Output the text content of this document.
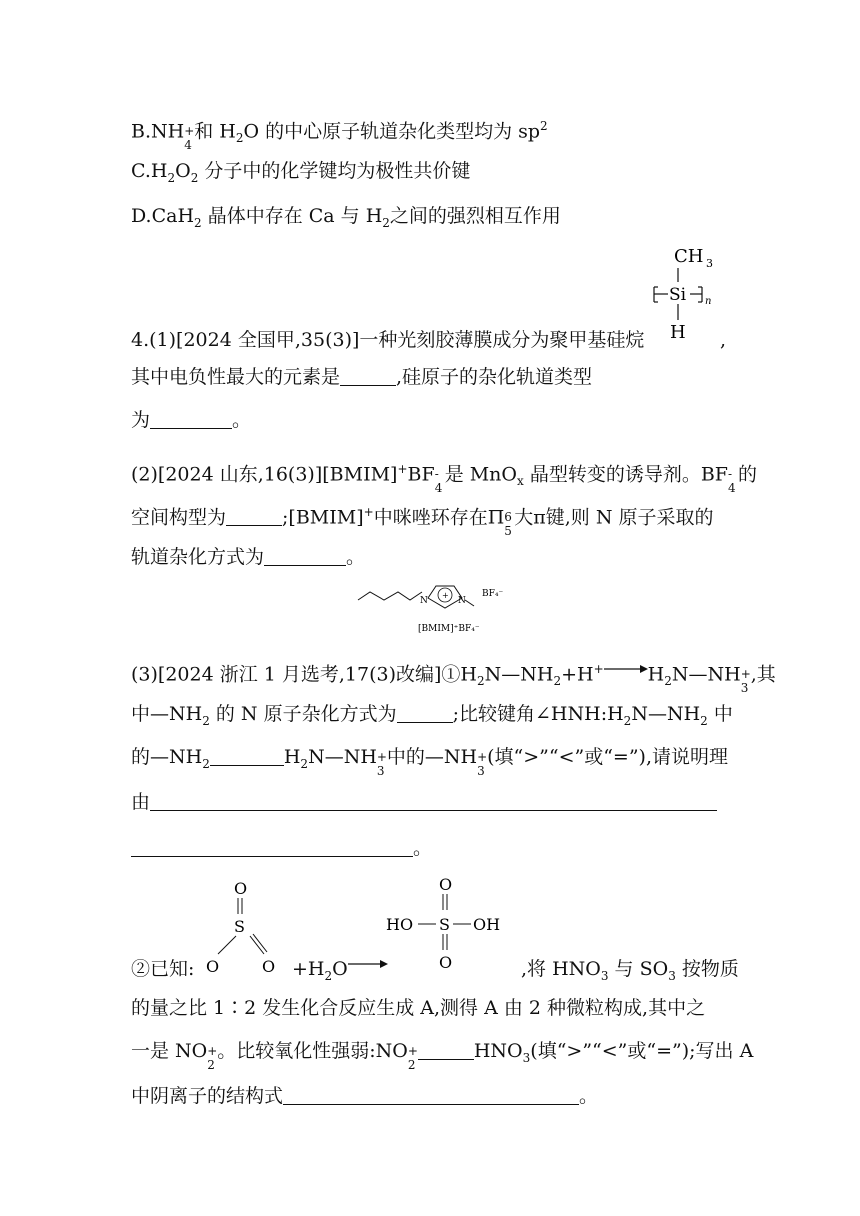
B.NH +
4
和 $H_2O$ 的中心原子轨道杂化类型均为 $sp^2$
$C.H_2O_2$ 分子中的化学键均为极性共价键
D.CaH$_2$ 晶体中存在 Ca 与 $H_2$之间的强烈相互作用
CH 3
Si n
H
4.(1)[2024 全国甲,35(3)]一种光刻胶薄膜成分为聚甲基硅烷	,
其中电负性最大的元素是	,硅原子的杂化轨道类型
为	。
(2)[2024 山东,16(3)][BMIM]+BF -
4
是 MnO$_x$ 晶型转变的诱导剂。BF -
4
的
空间构型为	;[BMIM]+中咪唑环存在Π 6
5
大π键,则 N 原子采取的
轨道杂化方式为	。
N
+
N
BF₄⁻
[BMIM]⁺BF₄⁻
(3)[2024 浙江 1 月选考,17(3)改编]$①H_2N—NH_2+H^+\to H_2N—NH$ +
3
,其
中$—NH_2$ 的 N 原子杂化方式为	;比较键角$\angle HNH:H_2N—NH_2$ 中
的$—NH_2$	$H_2N—NH$ +
3
中的—NH +
3
(填“>”“<”或“=”),请说明理
由
。
O
S
O	O
O
HO S OH
O
②已知:	$+H_2O\to$	,将 $HNO_3$ 与 $SO_3$ 按物质
的量之比 1∶2 发生化合反应生成 A,测得 A 由 2 种微粒构成,其中之
一是 NO +
2
。比较氧化性强弱:NO +
2
$HNO_3$(填“>”“<”或“=”);写出 A
中阴离子的结构式	。
